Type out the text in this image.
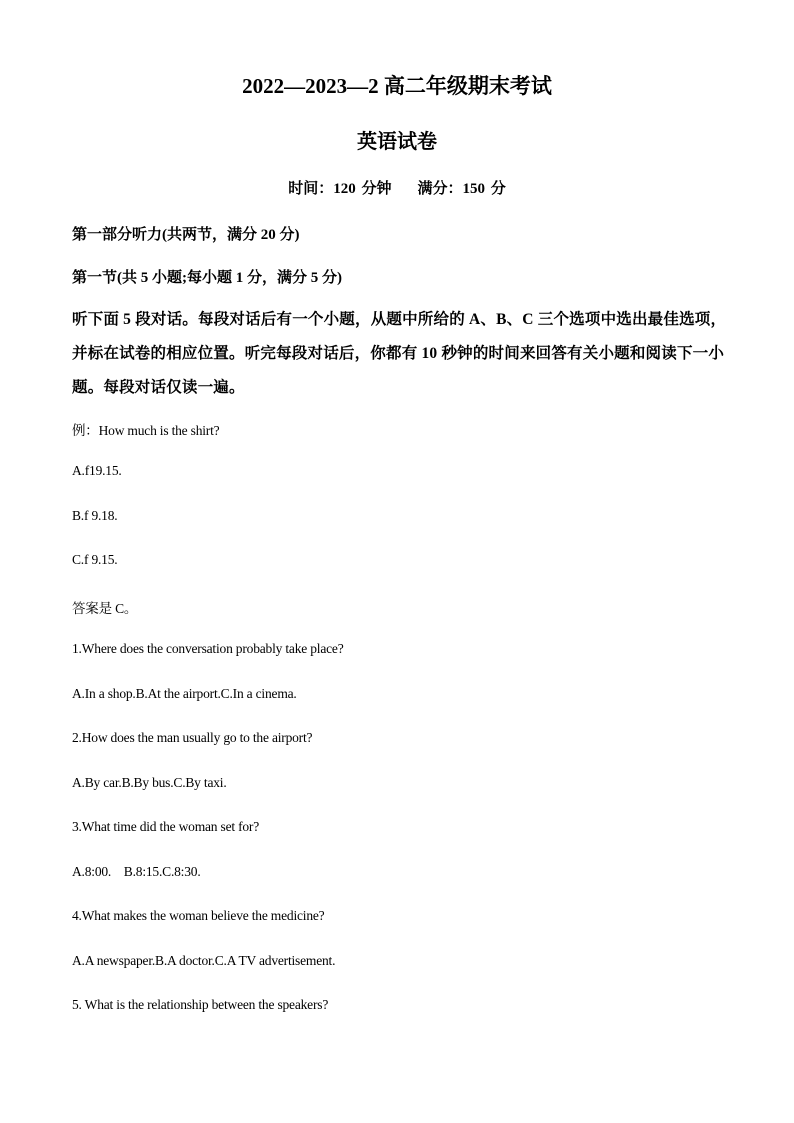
2022—2023—2 高二年级期末考试
英语试卷
时间：120 分钟 满分：150 分
第一部分听力(共两节，满分 20 分)
第一节(共 5 小题;每小题 1 分，满分 5 分)
听下面 5 段对话。每段对话后有一个小题，从题中所给的 A、B、C 三个选项中选出最佳选项，并标在试卷的相应位置。听完每段对话后，你都有 10 秒钟的时间来回答有关小题和阅读下一小题。每段对话仅读一遍。
例：How much is the shirt?
A.f19.15.
B.f 9.18.
C.f 9.15.
答案是 C。
1.Where does the conversation probably take place?
A.In a shop.B.At the airport.C.In a cinema.
2.How does the man usually go to the airport?
A.By car.B.By bus.C.By taxi.
3.What time did the woman set for?
A.8:00.    B.8:15.C.8:30.
4.What makes the woman believe the medicine?
A.A newspaper.B.A doctor.C.A TV advertisement.
5. What is the relationship between the speakers?
